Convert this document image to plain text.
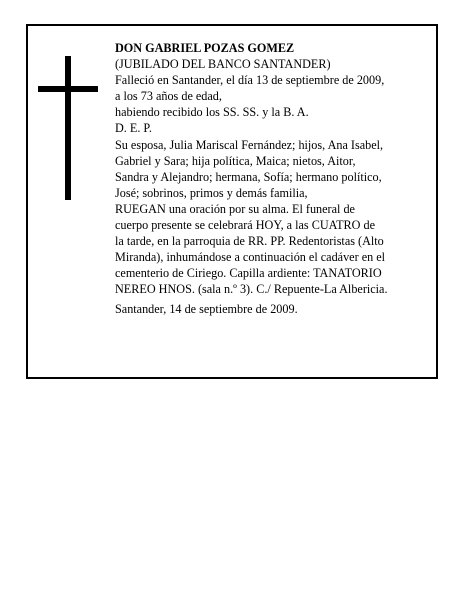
DON GABRIEL POZAS GOMEZ
(JUBILADO DEL BANCO SANTANDER)
Falleció en Santander, el día 13 de septiembre de 2009,
a los 73 años de edad,
habiendo recibido los SS. SS. y la B. A.
D. E. P.
Su esposa, Julia Mariscal Fernández; hijos, Ana Isabel,
Gabriel y Sara; hija política, Maica; nietos, Aitor,
Sandra y Alejandro; hermana, Sofía; hermano político,
José; sobrinos, primos y demás familia,
RUEGAN una oración por su alma. El funeral de
cuerpo presente se celebrará HOY, a las CUATRO de
la tarde, en la parroquia de RR. PP. Redentoristas (Alto
Miranda), inhumándose a continuación el cadáver en el
cementerio de Ciriego. Capilla ardiente: TANATORIO
NEREO HNOS. (sala n.º 3). C./ Repuente-La Albericia.
Santander, 14 de septiembre de 2009.
